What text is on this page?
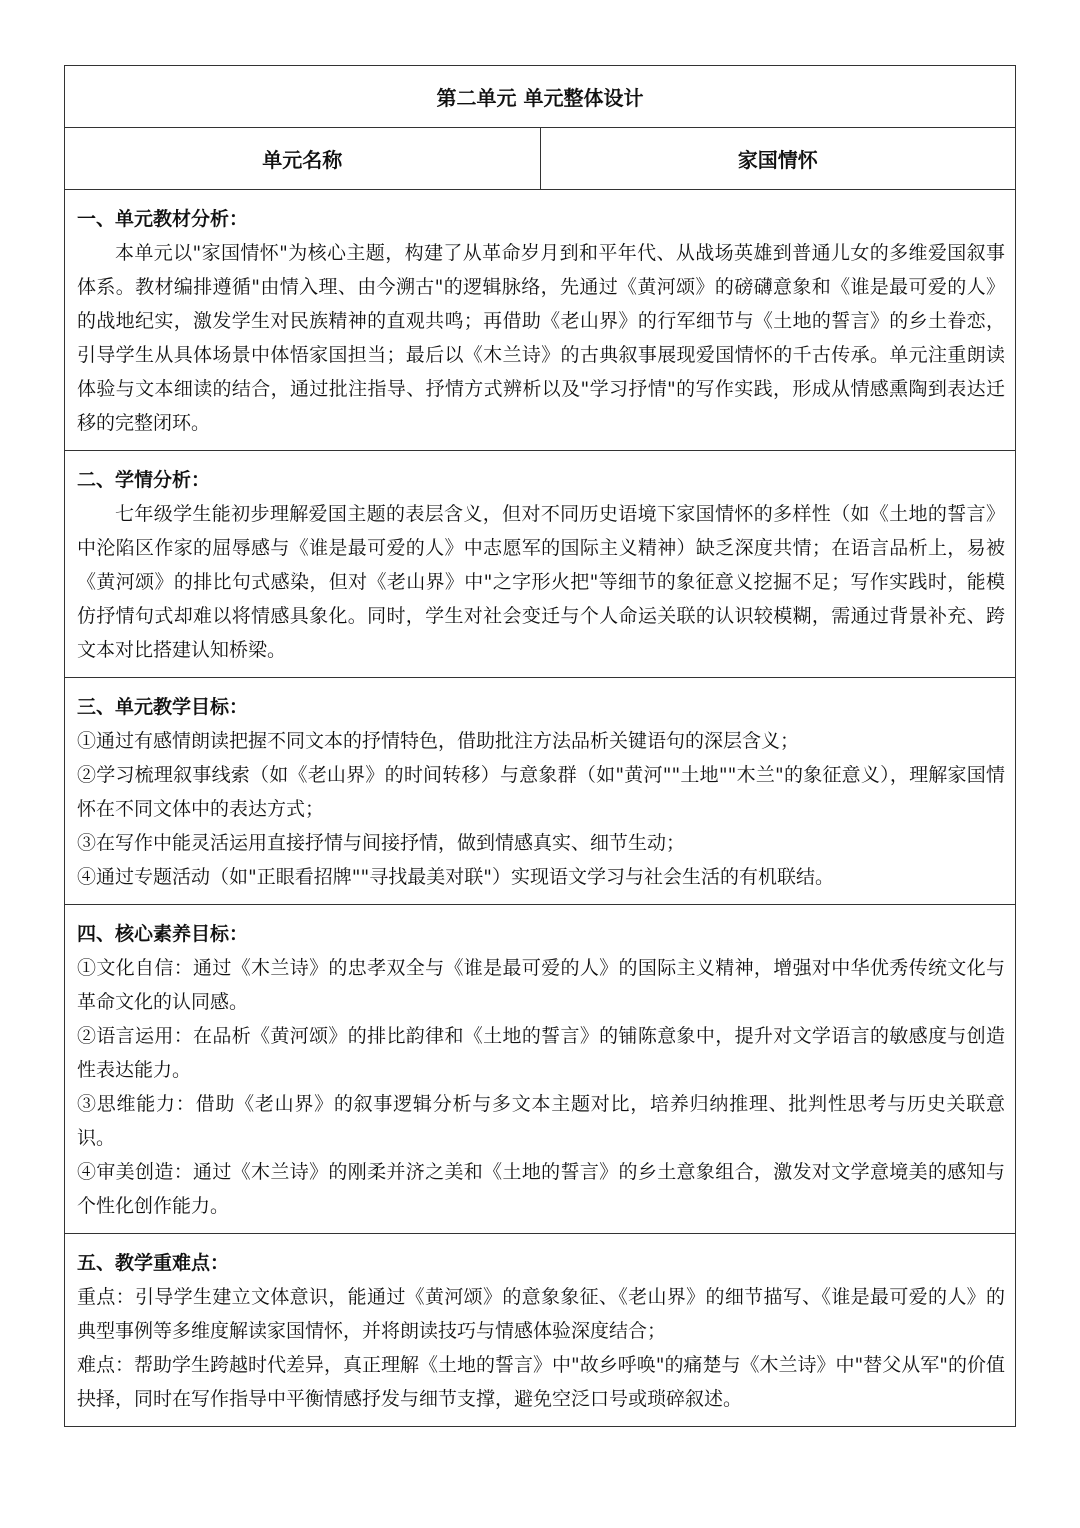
第二单元 单元整体设计
单元名称	家国情怀

一、单元教材分析：

本单元以"家国情怀"为核心主题，构建了从革命岁月到和平年代、从战场英雄到普通儿女的多维爱国叙事体系。教材编排遵循"由情入理、由今溯古"的逻辑脉络，先通过《黄河颂》的磅礴意象和《谁是最可爱的人》的战地纪实，激发学生对民族精神的直观共鸣；再借助《老山界》的行军细节与《土地的誓言》的乡土眷恋，引导学生从具体场景中体悟家国担当；最后以《木兰诗》的古典叙事展现爱国情怀的千古传承。单元注重朗读体验与文本细读的结合，通过批注指导、抒情方式辨析以及"学习抒情"的写作实践，形成从情感熏陶到表达迁移的完整闭环。

二、学情分析：

七年级学生能初步理解爱国主题的表层含义，但对不同历史语境下家国情怀的多样性（如《土地的誓言》中沦陷区作家的屈辱感与《谁是最可爱的人》中志愿军的国际主义精神）缺乏深度共情；在语言品析上，易被《黄河颂》的排比句式感染，但对《老山界》中"之字形火把"等细节的象征意义挖掘不足；写作实践时，能模仿抒情句式却难以将情感具象化。同时，学生对社会变迁与个人命运关联的认识较模糊，需通过背景补充、跨文本对比搭建认知桥梁。

三、单元教学目标：

①通过有感情朗读把握不同文本的抒情特色，借助批注方法品析关键语句的深层含义；

②学习梳理叙事线索（如《老山界》的时间转移）与意象群（如"黄河""土地""木兰"的象征意义），理解家国情怀在不同文体中的表达方式；

③在写作中能灵活运用直接抒情与间接抒情，做到情感真实、细节生动；

④通过专题活动（如"正眼看招牌""寻找最美对联"）实现语文学习与社会生活的有机联结。

四、核心素养目标：

①文化自信：通过《木兰诗》的忠孝双全与《谁是最可爱的人》的国际主义精神，增强对中华优秀传统文化与革命文化的认同感。

②语言运用：在品析《黄河颂》的排比韵律和《土地的誓言》的铺陈意象中，提升对文学语言的敏感度与创造性表达能力。

③思维能力：借助《老山界》的叙事逻辑分析与多文本主题对比，培养归纳推理、批判性思考与历史关联意识。

④审美创造：通过《木兰诗》的刚柔并济之美和《土地的誓言》的乡土意象组合，激发对文学意境美的感知与个性化创作能力。

五、教学重难点：

重点：引导学生建立文体意识，能通过《黄河颂》的意象象征、《老山界》的细节描写、《谁是最可爱的人》的典型事例等多维度解读家国情怀，并将朗读技巧与情感体验深度结合；

难点：帮助学生跨越时代差异，真正理解《土地的誓言》中"故乡呼唤"的痛楚与《木兰诗》中"替父从军"的价值抉择，同时在写作指导中平衡情感抒发与细节支撑，避免空泛口号或琐碎叙述。
